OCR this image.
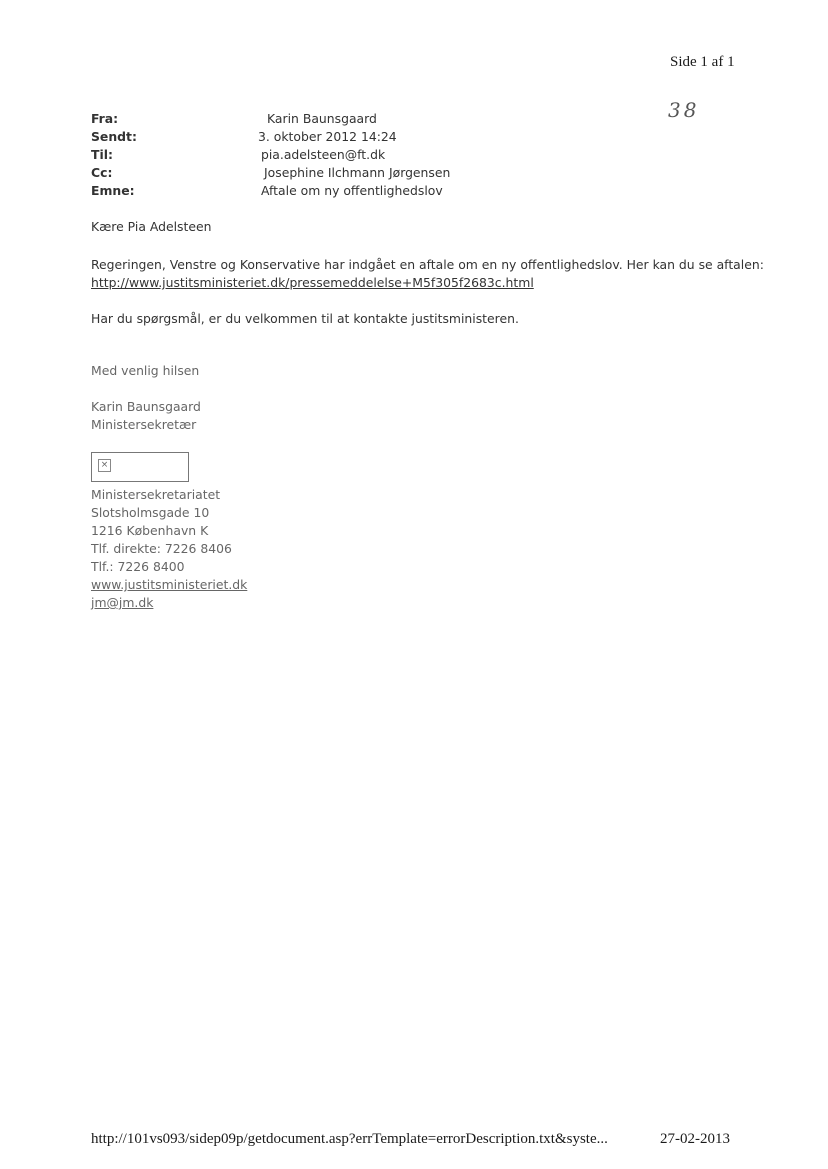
Side 1 af 1
38
Fra:	Karin Baunsgaard
Sendt:	3. oktober 2012 14:24
Til:	pia.adelsteen@ft.dk
Cc:	Josephine Ilchmann Jørgensen
Emne:	Aftale om ny offentlighedslov
Kære Pia Adelsteen
Regeringen, Venstre og Konservative har indgået en aftale om en ny offentlighedslov. Her kan du se aftalen:
http://www.justitsministeriet.dk/pressemeddelelse+M5f305f2683c.html
Har du spørgsmål, er du velkommen til at kontakte justitsministeren.
Med venlig hilsen
Karin Baunsgaard
Ministersekretær
×
Ministersekretariatet
Slotsholmsgade 10
1216 København K
Tlf. direkte: 7226 8406
Tlf.: 7226 8400
www.justitsministeriet.dk
jm@jm.dk
http://101vs093/sidep09p/getdocument.asp?errTemplate=errorDescription.txt&syste...	27-02-2013
